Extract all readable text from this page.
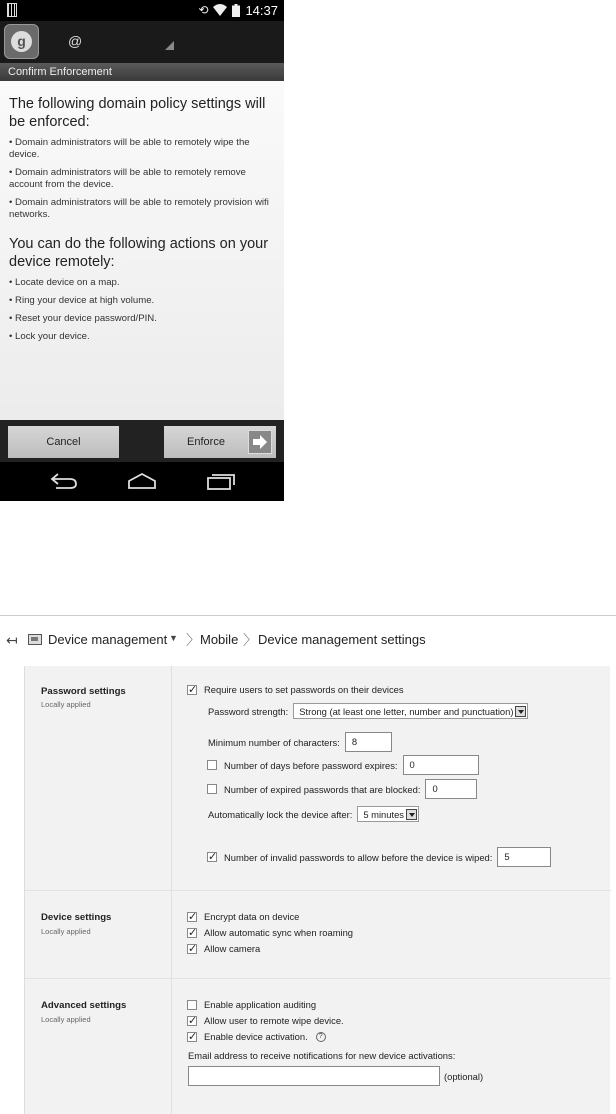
⟲	14:37
g	@
Confirm Enforcement
The following domain policy settings will be enforced:
• Domain administrators will be able to remotely wipe the device.
• Domain administrators will be able to remotely remove account from the device.
• Domain administrators will be able to remotely provision wifi networks.
You can do the following actions on your device remotely:
• Locate device on a map.
• Ring your device at high volume.
• Reset your device password/PIN.
• Lock your device.
Cancel	Enforce
↤ Device management ▼ 〉 Mobile 〉 Device management settings
Password settings
Locally applied
✓
Require users to set passwords on their devices
Password strength: Strong (at least one letter, number and punctuation)
Minimum number of characters:	8
Number of days before password expires:	0
Number of expired passwords that are blocked:	0
Automatically lock the device after: 5 minutes
✓
Number of invalid passwords to allow before the device is wiped:	5
Device settings
Locally applied
✓
Encrypt data on device
✓
Allow automatic sync when roaming
✓
Allow camera
Advanced settings
Locally applied
Enable application auditing
✓
Allow user to remote wipe device.
✓
Enable device activation.	?
Email address to receive notifications for new device activations:
(optional)
